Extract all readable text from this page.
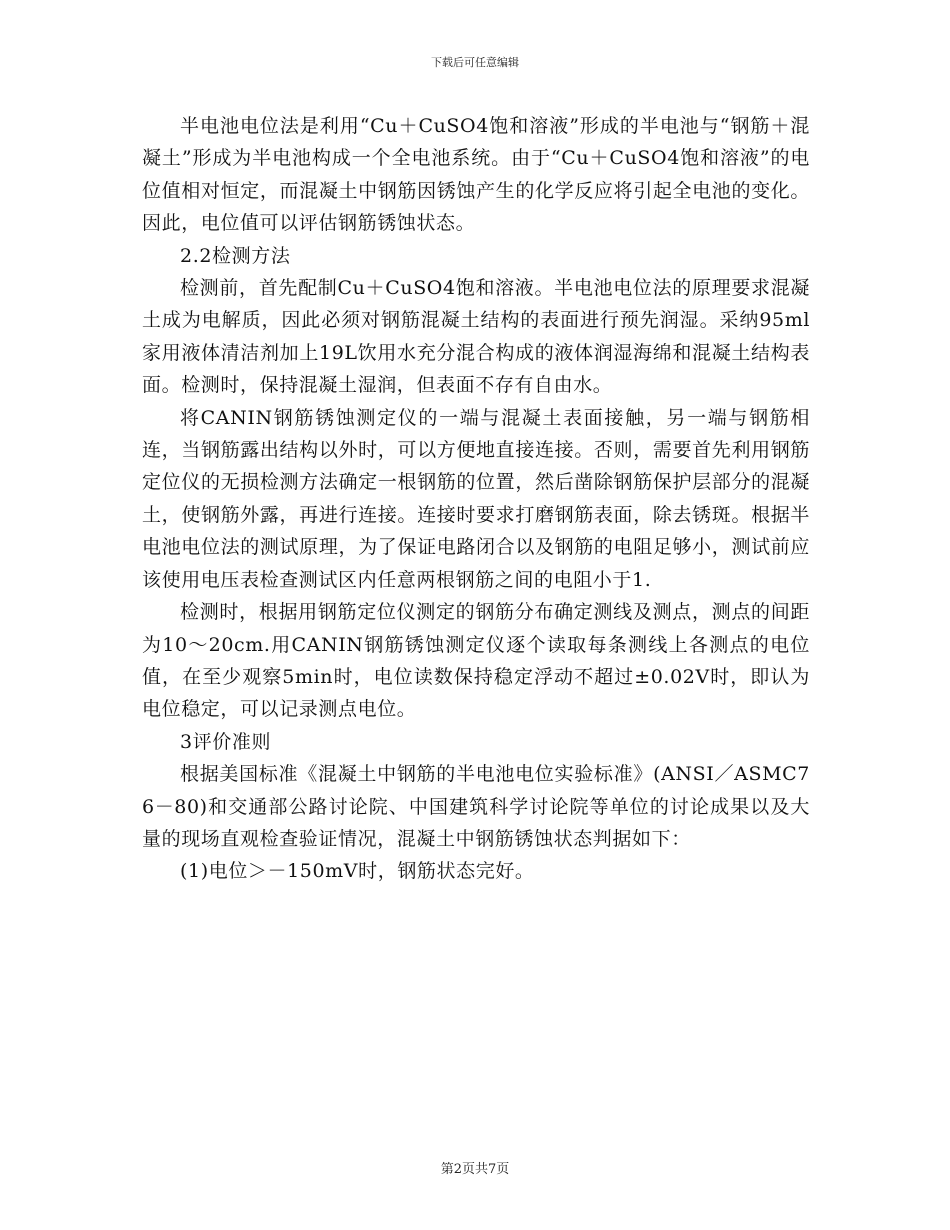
下载后可任意编辑

半电池电位法是利用“Cu＋CuSO4饱和溶液”形成的半电池与“钢筋＋混凝土”形成为半电池构成一个全电池系统。由于“Cu＋CuSO4饱和溶液”的电位值相对恒定，而混凝土中钢筋因锈蚀产生的化学反应将引起全电池的变化。因此，电位值可以评估钢筋锈蚀状态。

2.2检测方法

检测前，首先配制Cu＋CuSO4饱和溶液。半电池电位法的原理要求混凝土成为电解质，因此必须对钢筋混凝土结构的表面进行预先润湿。采纳95ml家用液体清洁剂加上19L饮用水充分混合构成的液体润湿海绵和混凝土结构表面。检测时，保持混凝土湿润，但表面不存有自由水。

将CANIN钢筋锈蚀测定仪的一端与混凝土表面接触，另一端与钢筋相连，当钢筋露出结构以外时，可以方便地直接连接。否则，需要首先利用钢筋定位仪的无损检测方法确定一根钢筋的位置，然后凿除钢筋保护层部分的混凝土，使钢筋外露，再进行连接。连接时要求打磨钢筋表面，除去锈斑。根据半电池电位法的测试原理，为了保证电路闭合以及钢筋的电阻足够小，测试前应该使用电压表检查测试区内任意两根钢筋之间的电阻小于1.

检测时，根据用钢筋定位仪测定的钢筋分布确定测线及测点，测点的间距为10～20cm.用CANIN钢筋锈蚀测定仪逐个读取每条测线上各测点的电位值，在至少观察5min时，电位读数保持稳定浮动不超过±0.02V时，即认为电位稳定，可以记录测点电位。

3评价准则

根据美国标准《混凝土中钢筋的半电池电位实验标准》(ANSI／ASMC76－80)和交通部公路讨论院、中国建筑科学讨论院等单位的讨论成果以及大量的现场直观检查验证情况，混凝土中钢筋锈蚀状态判据如下：

(1)电位＞－150mV时，钢筋状态完好。

第2页共7页
